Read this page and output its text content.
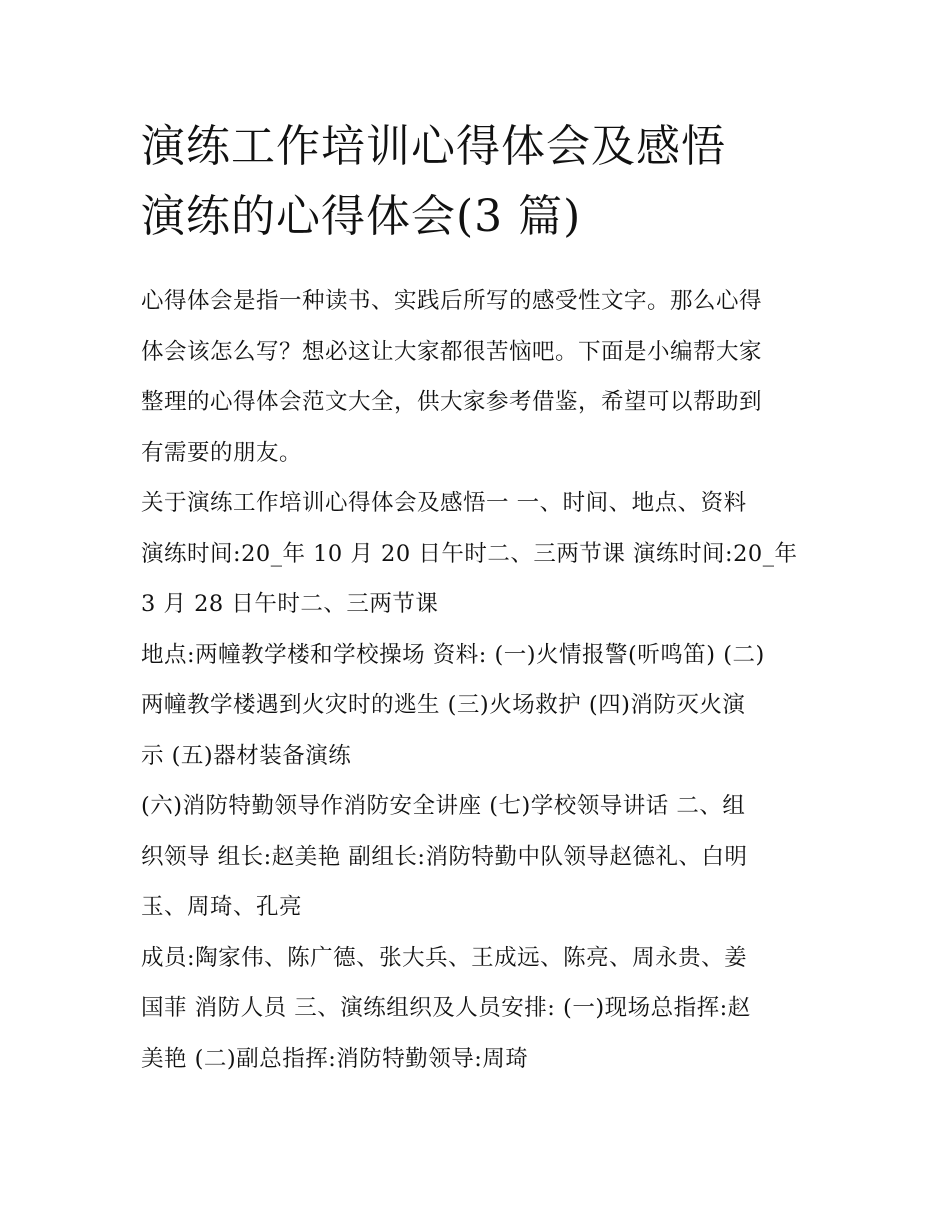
演练工作培训心得体会及感悟
演练的心得体会(3 篇)

心得体会是指一种读书、实践后所写的感受性文字。那么心得
体会该怎么写？想必这让大家都很苦恼吧。下面是小编帮大家
整理的心得体会范文大全，供大家参考借鉴，希望可以帮助到
有需要的朋友。

关于演练工作培训心得体会及感悟一 一、时间、地点、资料
演练时间:20_年 10 月 20 日午时二、三两节课 演练时间:20_年
3 月 28 日午时二、三两节课

地点:两幢教学楼和学校操场 资料: (一)火情报警(听鸣笛) (二)
两幢教学楼遇到火灾时的逃生 (三)火场救护 (四)消防灭火演
示 (五)器材装备演练

(六)消防特勤领导作消防安全讲座 (七)学校领导讲话 二、组
织领导 组长:赵美艳 副组长:消防特勤中队领导赵德礼、白明
玉、周琦、孔亮

成员:陶家伟、陈广德、张大兵、王成远、陈亮、周永贵、姜
国菲 消防人员 三、演练组织及人员安排: (一)现场总指挥:赵
美艳 (二)副总指挥:消防特勤领导:周琦
